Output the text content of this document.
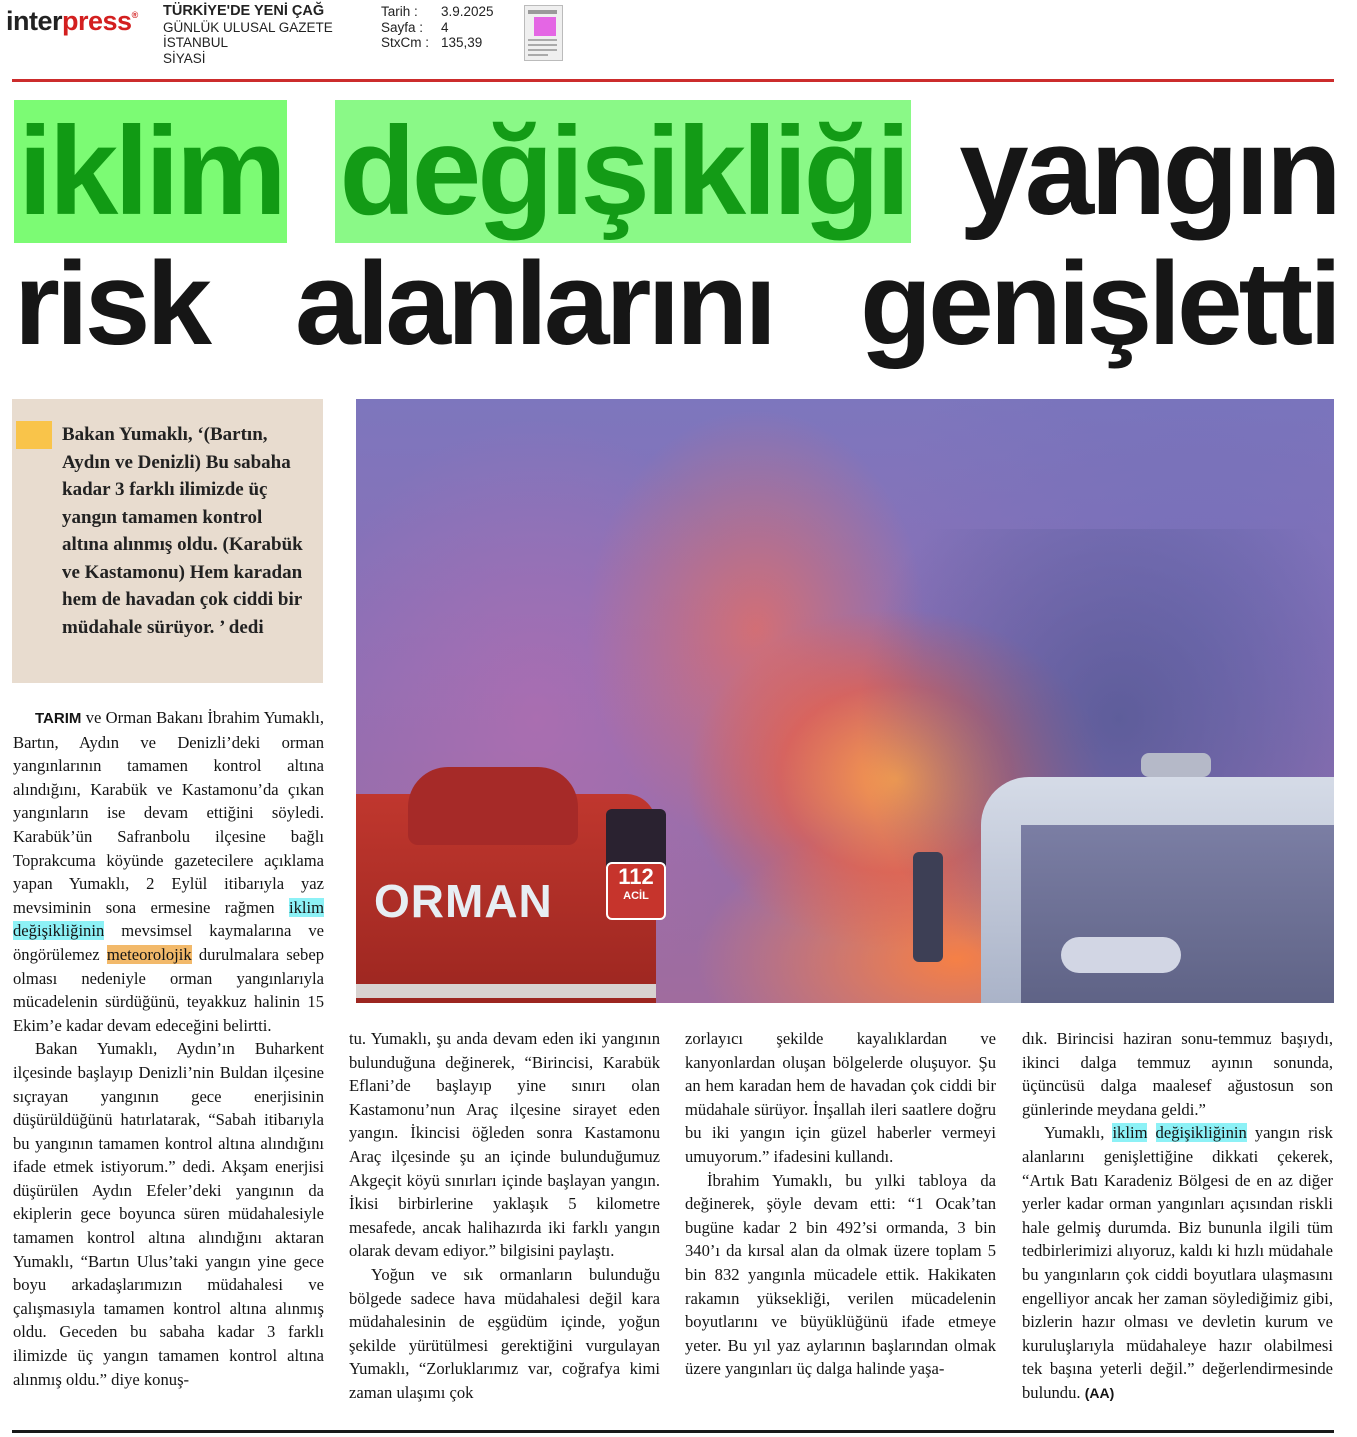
interpress® TÜRKİYE'DE YENİ ÇAĞ
GÜNLÜK ULUSAL GAZETE
İSTANBUL
SİYASİ
Tarih :	3.9.2025
Sayfa :	4
StxCm : 135,39
iklim değişikliği yangın
risk alanlarını genişletti
Bakan Yumaklı, ‘(Bartın, Aydın ve Denizli) Bu sabaha kadar 3 farklı ilimizde üç yangın tamamen kontrol altına alınmış oldu. (Karabük ve Kastamonu) Hem karadan hem de havadan çok ciddi bir müdahale sürüyor. ’ dedi
ORMAN	112
ACİL

TARIM ve Orman Bakanı İbrahim Yumaklı, Bartın, Aydın ve Denizli’deki orman yangınlarının tamamen kontrol altına alındığını, Karabük ve Kastamonu’da çıkan yangınların ise devam ettiğini söyledi. Karabük’ün Safranbolu ilçesine bağlı Toprakcuma köyünde gazetecilere açıklama yapan Yumaklı, 2 Eylül itibarıyla yaz mevsiminin sona ermesine rağmen iklim değişikliğinin mevsimsel kaymalarına ve öngörülemez meteorolojik durulmalara sebep olması nedeniyle orman yangınlarıyla mücadelenin sürdüğünü, teyakkuz halinin 15 Ekim’e kadar devam edeceğini belirtti.

Bakan Yumaklı, Aydın’ın Buharkent ilçesinde başlayıp Denizli’nin Buldan ilçesine sıçrayan yangının gece enerjisinin düşürüldüğünü hatırlatarak, “Sabah itibarıyla bu yangının tamamen kontrol altına alındığını ifade etmek istiyorum.” dedi. Akşam enerjisi düşürülen Aydın Efeler’deki yangının da ekiplerin gece boyunca süren müdahalesiyle tamamen kontrol altına alındığını aktaran Yumaklı, “Bartın Ulus’taki yangın yine gece boyu arkadaşlarımızın müdahalesi ve çalışmasıyla tamamen kontrol altına alınmış oldu. Geceden bu sabaha kadar 3 farklı ilimizde üç yangın tamamen kontrol altına alınmış oldu.” diye konuş-

tu. Yumaklı, şu anda devam eden iki yangının bulunduğuna değinerek, “Birincisi, Karabük Eflani’de başlayıp yine sınırı olan Kastamonu’nun Araç ilçesine sirayet eden yangın. İkincisi öğleden sonra Kastamonu Araç ilçesinde şu an içinde bulunduğumuz Akgeçit köyü sınırları içinde başlayan yangın. İkisi birbirlerine yaklaşık 5 kilometre mesafede, ancak halihazırda iki farklı yangın olarak devam ediyor.” bilgisini paylaştı.

Yoğun ve sık ormanların bulunduğu bölgede sadece hava müdahalesi değil kara müdahalesinin de eşgüdüm içinde, yoğun şekilde yürütülmesi gerektiğini vurgulayan Yumaklı, “Zorluklarımız var, coğrafya kimi zaman ulaşımı çok

zorlayıcı şekilde kayalıklardan ve kanyonlardan oluşan bölgelerde oluşuyor. Şu an hem karadan hem de havadan çok ciddi bir müdahale sürüyor. İnşallah ileri saatlere doğru bu iki yangın için güzel haberler vermeyi umuyorum.” ifadesini kullandı.

İbrahim Yumaklı, bu yılki tabloya da değinerek, şöyle devam etti: “1 Ocak’tan bugüne kadar 2 bin 492’si ormanda, 3 bin 340’ı da kırsal alan da olmak üzere toplam 5 bin 832 yangınla mücadele ettik. Hakikaten rakamın yüksekliği, verilen mücadelenin boyutlarını ve büyüklüğünü ifade etmeye yeter. Bu yıl yaz aylarının başlarından olmak üzere yangınları üç dalga halinde yaşa-

dık. Birincisi haziran sonu-temmuz başıydı, ikinci dalga temmuz ayının sonunda, üçüncüsü dalga maalesef ağustosun son günlerinde meydana geldi.”

Yumaklı, iklim değişikliğinin yangın risk alanlarını genişlettiğine dikkati çekerek, “Artık Batı Karadeniz Bölgesi de en az diğer yerler kadar orman yangınları açısından riskli hale gelmiş durumda. Biz bununla ilgili tüm tedbirlerimizi alıyoruz, kaldı ki hızlı müdahale bu yangınların çok ciddi boyutlara ulaşmasını engelliyor ancak her zaman söylediğimiz gibi, bizlerin hazır olması ve devletin kurum ve kuruluşlarıyla müdahaleye hazır olabilmesi tek başına yeterli değil.” değerlendirmesinde bulundu. (AA)
